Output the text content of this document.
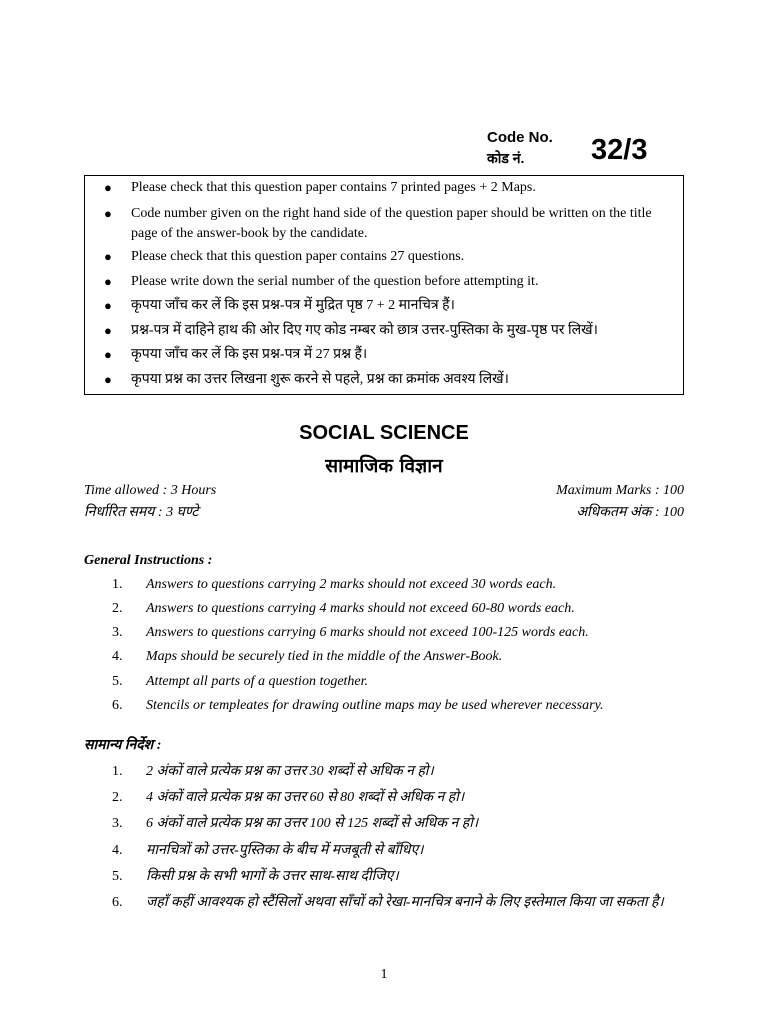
Code No.
कोड नं. 32/3
● Please check that this question paper contains 7 printed pages + 2 Maps.
● Code number given on the right hand side of the question paper should be written on the title page of the answer-book by the candidate.
● Please check that this question paper contains 27 questions.
● Please write down the serial number of the question before attempting it.
● कृपया जाँच कर लें कि इस प्रश्न-पत्र में मुद्रित पृष्ठ 7 + 2 मानचित्र हैं।
● प्रश्न-पत्र में दाहिने हाथ की ओर दिए गए कोड नम्बर को छात्र उत्तर-पुस्तिका के मुख-पृष्ठ पर लिखें।
● कृपया जाँच कर लें कि इस प्रश्न-पत्र में 27 प्रश्न हैं।
● कृपया प्रश्न का उत्तर लिखना शुरू करने से पहले, प्रश्न का क्रमांक अवश्य लिखें।
SOCIAL SCIENCE
सामाजिक विज्ञान
Time allowed : 3 Hours
निर्धारित समय : 3 घण्टे
Maximum Marks : 100
अधिकतम अंक : 100
General Instructions :
1. Answers to questions carrying 2 marks should not exceed 30 words each.
2. Answers to questions carrying 4 marks should not exceed 60-80 words each.
3. Answers to questions carrying 6 marks should not exceed 100-125 words each.
4. Maps should be securely tied in the middle of the Answer-Book.
5. Attempt all parts of a question together.
6. Stencils or templeates for drawing outline maps may be used wherever necessary.
सामान्य निर्देश :
1. 2 अंकों वाले प्रत्येक प्रश्न का उत्तर 30 शब्दों से अधिक न हो।
2. 4 अंकों वाले प्रत्येक प्रश्न का उत्तर 60 से 80 शब्दों से अधिक न हो।
3. 6 अंकों वाले प्रत्येक प्रश्न का उत्तर 100 से 125 शब्दों से अधिक न हो।
4. मानचित्रों को उत्तर-पुस्तिका के बीच में मजबूती से बाँधिए।
5. किसी प्रश्न के सभी भागों के उत्तर साथ-साथ दीजिए।
6. जहाँ कहीं आवश्यक हो स्टैंसिलों अथवा साँचों को रेखा-मानचित्र बनाने के लिए इस्तेमाल किया जा सकता है।
1
